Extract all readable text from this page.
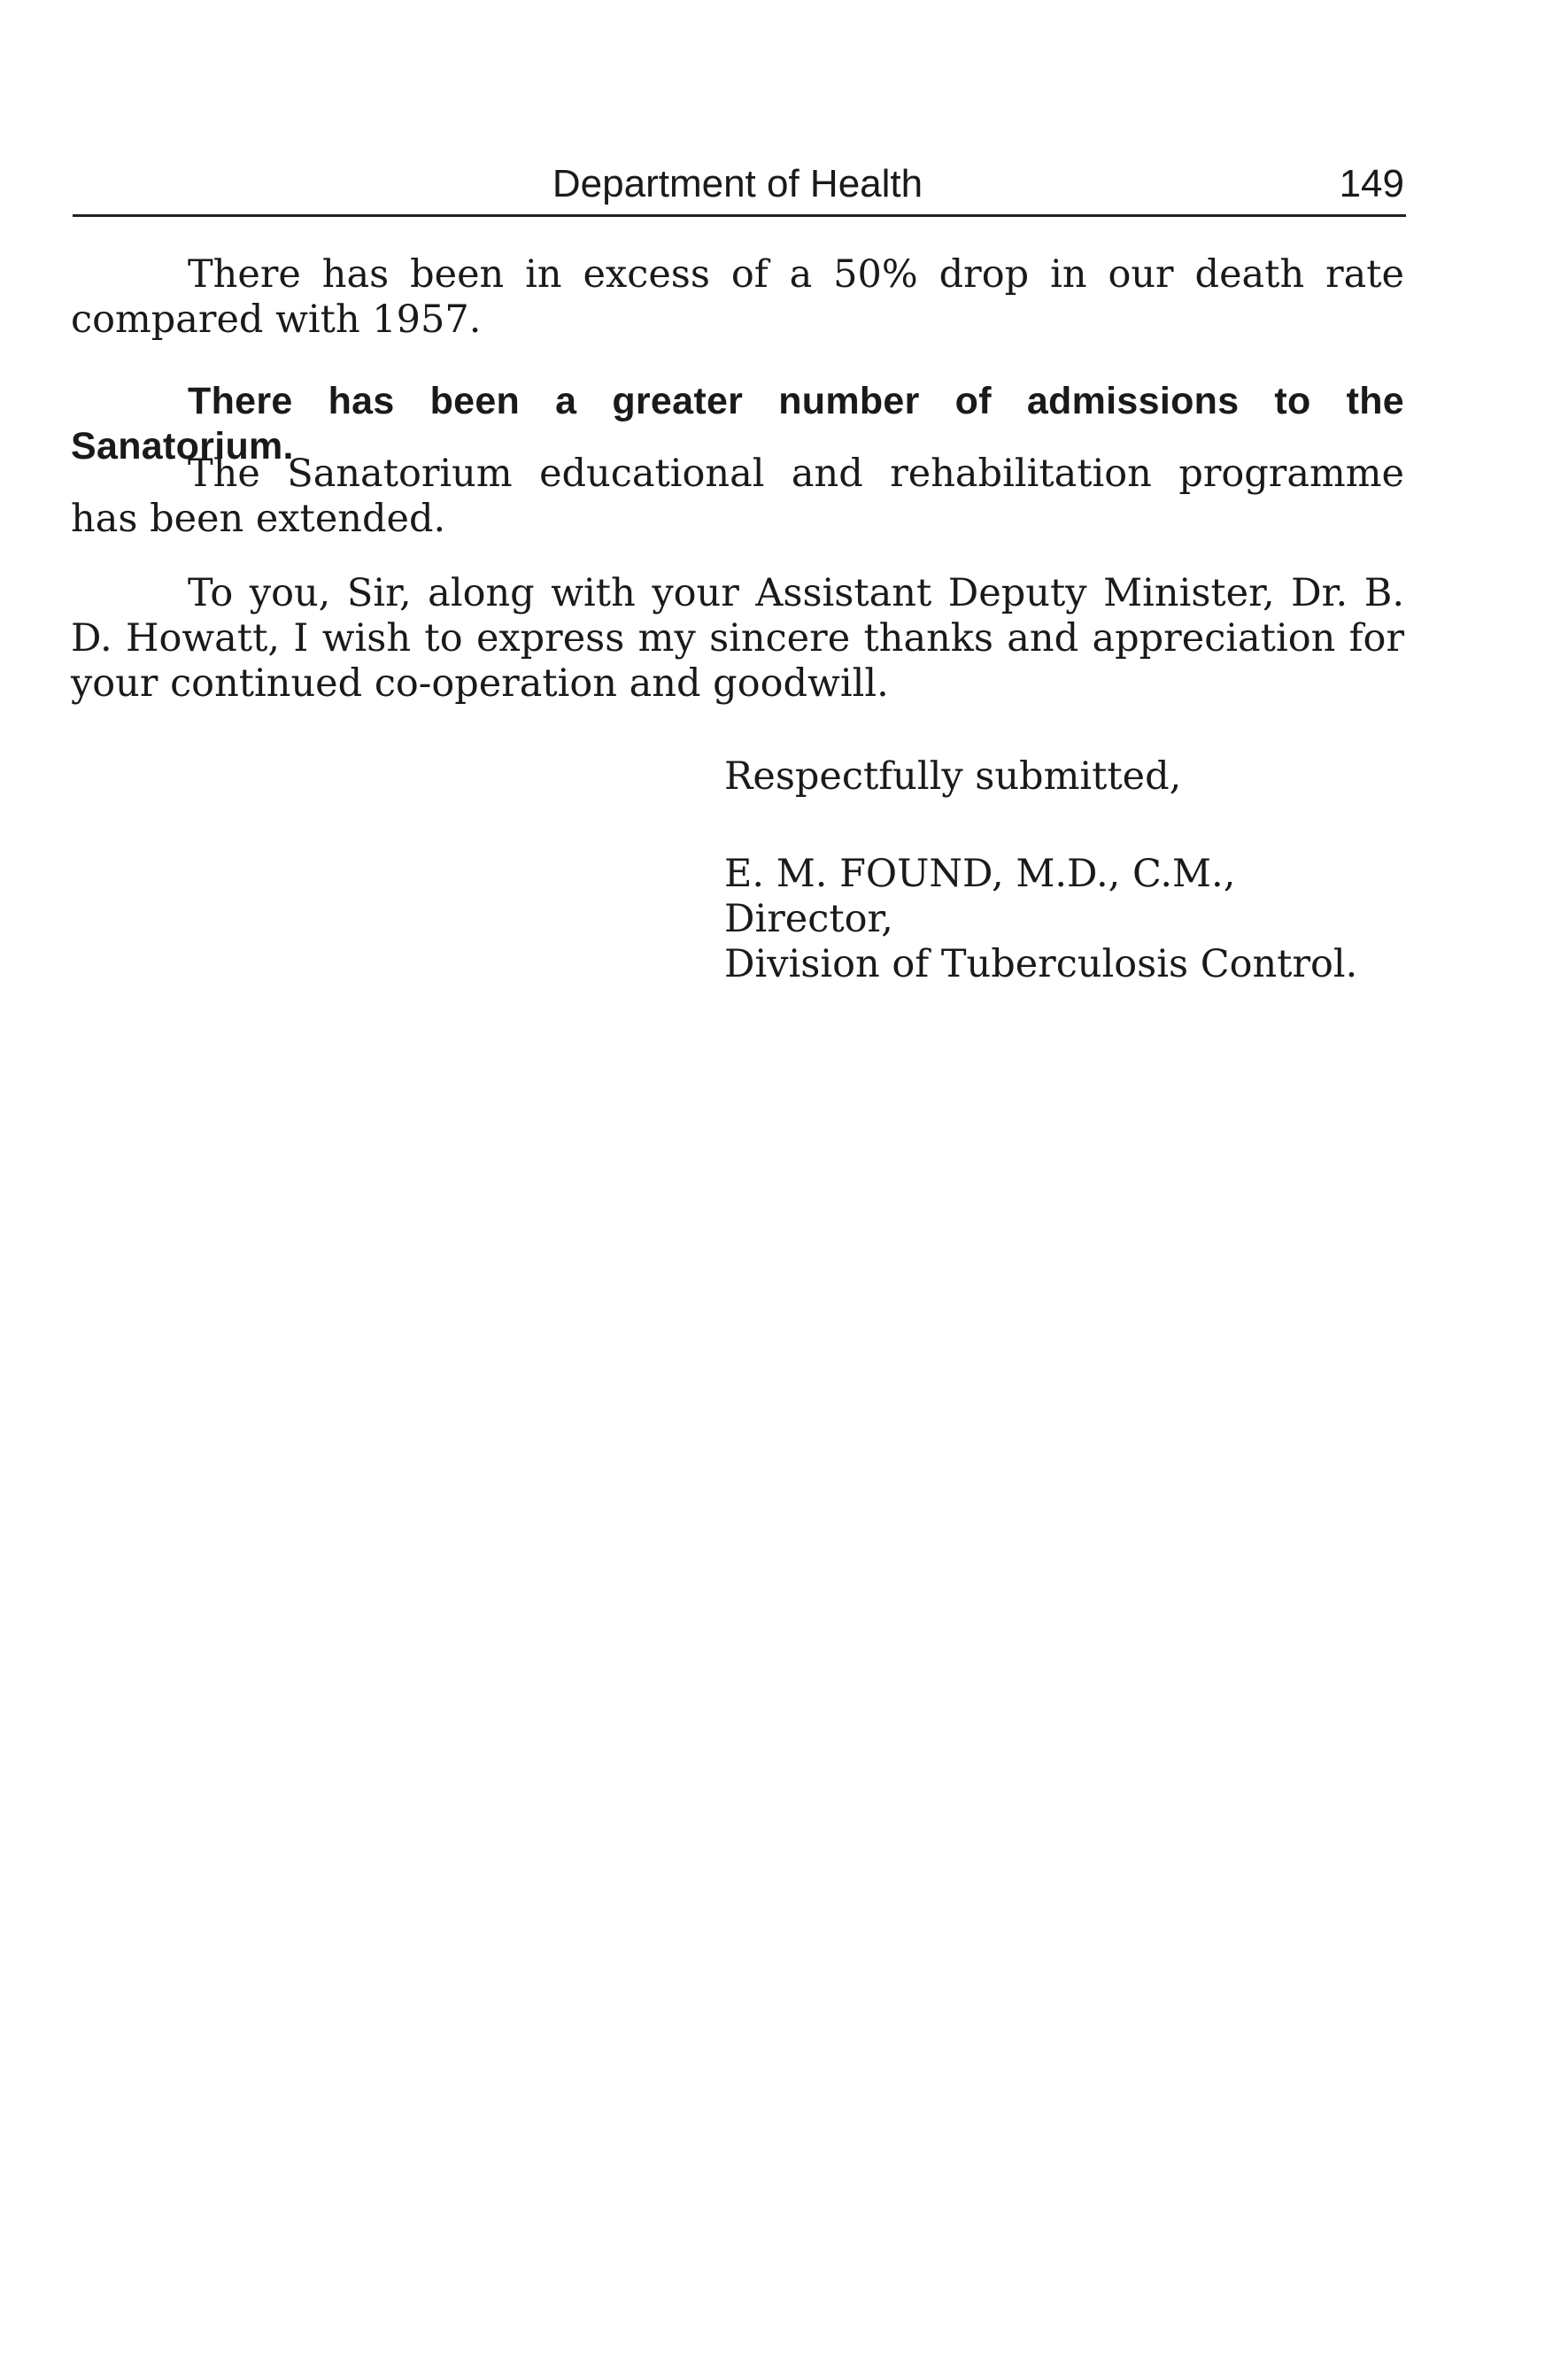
Department of Health	149

There has been in excess of a 50% drop in our death rate compared with 1957.

There has been a greater number of admissions to the Sanatorium.

The Sanatorium educational and rehabilitation programme has been extended.

To you, Sir, along with your Assistant Deputy Minister, Dr. B. D. Howatt, I wish to express my sincere thanks and appreciation for your continued co-operation and goodwill.

Respectfully submitted,
E. M. FOUND, M.D., C.M.,
Director,
Division of Tuberculosis Control.
